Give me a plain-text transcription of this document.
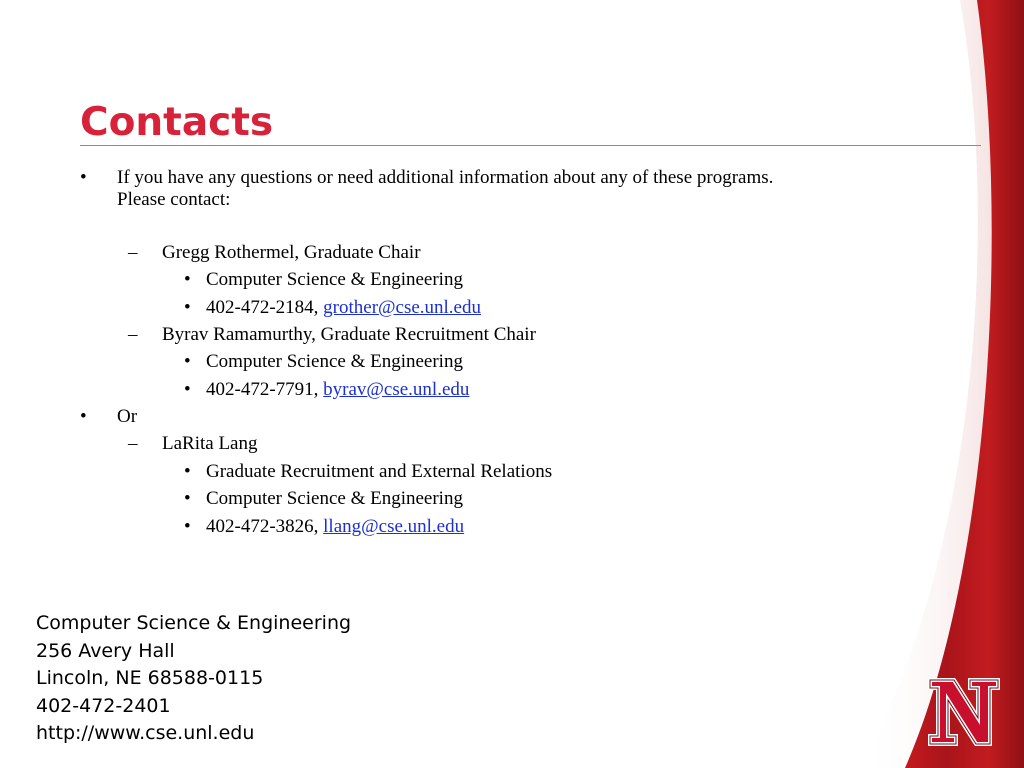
Contacts
• If you have any questions or need additional information about any of these programs.
Please contact:
– Gregg Rothermel, Graduate Chair
• Computer Science & Engineering
• 402-472-2184, grother@cse.unl.edu
– Byrav Ramamurthy, Graduate Recruitment Chair
• Computer Science & Engineering
• 402-472-7791, byrav@cse.unl.edu
• Or
– LaRita Lang
• Graduate Recruitment and External Relations
• Computer Science & Engineering
• 402-472-3826, llang@cse.unl.edu
Computer Science & Engineering
256 Avery Hall
Lincoln, NE 68588-0115
402-472-2401
http://www.cse.unl.edu
